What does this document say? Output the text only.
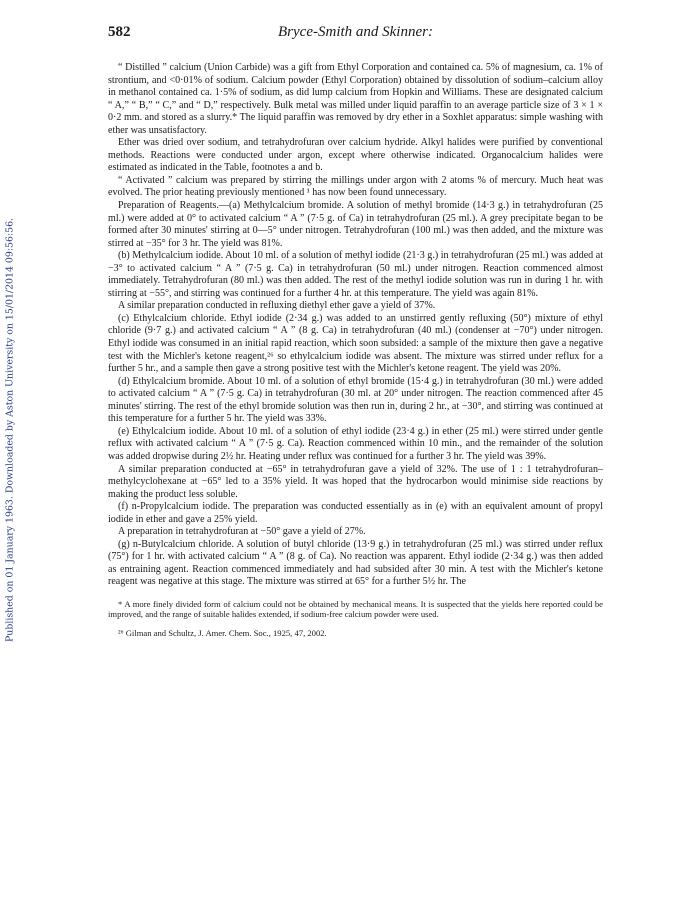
Published on 01 January 1963. Downloaded by Aston University on 15/01/2014 09:56:56.
582	Bryce-Smith and Skinner:

“ Distilled ” calcium (Union Carbide) was a gift from Ethyl Corporation and contained ca. 5% of magnesium, ca. 1% of strontium, and <0·01% of sodium. Calcium powder (Ethyl Corporation) obtained by dissolution of sodium–calcium alloy in methanol contained ca. 1·5% of sodium, as did lump calcium from Hopkin and Williams. These are designated calcium “ A,” “ B,” “ C,” and “ D,” respectively. Bulk metal was milled under liquid paraffin to an average particle size of 3 × 1 × 0·2 mm. and stored as a slurry.* The liquid paraffin was removed by dry ether in a Soxhlet apparatus: simple washing with ether was unsatisfactory.

Ether was dried over sodium, and tetrahydrofuran over calcium hydride. Alkyl halides were purified by conventional methods. Reactions were conducted under argon, except where otherwise indicated. Organocalcium halides were estimated as indicated in the Table, footnotes a and b.

“ Activated ” calcium was prepared by stirring the millings under argon with 2 atoms % of mercury. Much heat was evolved. The prior heating previously mentioned ¹ has now been found unnecessary.

Preparation of Reagents.—(a) Methylcalcium bromide. A solution of methyl bromide (14·3 g.) in tetrahydrofuran (25 ml.) were added at 0° to activated calcium “ A ” (7·5 g. of Ca) in tetrahydrofuran (25 ml.). A grey precipitate began to be formed after 30 minutes' stirring at 0—5° under nitrogen. Tetrahydrofuran (100 ml.) was then added, and the mixture was stirred at −35° for 3 hr. The yield was 81%.

(b) Methylcalcium iodide. About 10 ml. of a solution of methyl iodide (21·3 g.) in tetrahydrofuran (25 ml.) was added at −3° to activated calcium “ A ” (7·5 g. Ca) in tetrahydrofuran (50 ml.) under nitrogen. Reaction commenced almost immediately. Tetrahydrofuran (80 ml.) was then added. The rest of the methyl iodide solution was run in during 1 hr. with stirring at −55°, and stirring was continued for a further 4 hr. at this temperature. The yield was again 81%.

A similar preparation conducted in refluxing diethyl ether gave a yield of 37%.

(c) Ethylcalcium chloride. Ethyl iodide (2·34 g.) was added to an unstirred gently refluxing (50°) mixture of ethyl chloride (9·7 g.) and activated calcium “ A ” (8 g. Ca) in tetrahydrofuran (40 ml.) (condenser at −70°) under nitrogen. Ethyl iodide was consumed in an initial rapid reaction, which soon subsided: a sample of the mixture then gave a negative test with the Michler's ketone reagent,²⁶ so ethylcalcium iodide was absent. The mixture was stirred under reflux for a further 5 hr., and a sample then gave a strong positive test with the Michler's ketone reagent. The yield was 20%.

(d) Ethylcalcium bromide. About 10 ml. of a solution of ethyl bromide (15·4 g.) in tetrahydrofuran (30 ml.) were added to activated calcium “ A ” (7·5 g. Ca) in tetrahydrofuran (30 ml. at 20° under nitrogen. The reaction commenced after 45 minutes' stirring. The rest of the ethyl bromide solution was then run in, during 2 hr., at −30°, and stirring was continued at this temperature for a further 5 hr. The yield was 33%.

(e) Ethylcalcium iodide. About 10 ml. of a solution of ethyl iodide (23·4 g.) in ether (25 ml.) were stirred under gentle reflux with activated calcium “ A ” (7·5 g. Ca). Reaction commenced within 10 min., and the remainder of the solution was added dropwise during 2½ hr. Heating under reflux was continued for a further 3 hr. The yield was 39%.

A similar preparation conducted at −65° in tetrahydrofuran gave a yield of 32%. The use of 1 : 1 tetrahydrofuran–methylcyclohexane at −65° led to a 35% yield. It was hoped that the hydrocarbon would minimise side reactions by making the product less soluble.

(f) n-Propylcalcium iodide. The preparation was conducted essentially as in (e) with an equivalent amount of propyl iodide in ether and gave a 25% yield.

A preparation in tetrahydrofuran at −50° gave a yield of 27%.

(g) n-Butylcalcium chloride. A solution of butyl chloride (13·9 g.) in tetrahydrofuran (25 ml.) was stirred under reflux (75°) for 1 hr. with activated calcium “ A ” (8 g. of Ca). No reaction was apparent. Ethyl iodide (2·34 g.) was then added as entraining agent. Reaction commenced immediately and had subsided after 30 min. A test with the Michler's ketone reagent was negative at this stage. The mixture was stirred at 65° for a further 5½ hr. The

* A more finely divided form of calcium could not be obtained by mechanical means. It is suspected that the yields here reported could be improved, and the range of suitable halides extended, if sodium-free calcium powder were used.

²⁶ Gilman and Schultz, J. Amer. Chem. Soc., 1925, 47, 2002.
